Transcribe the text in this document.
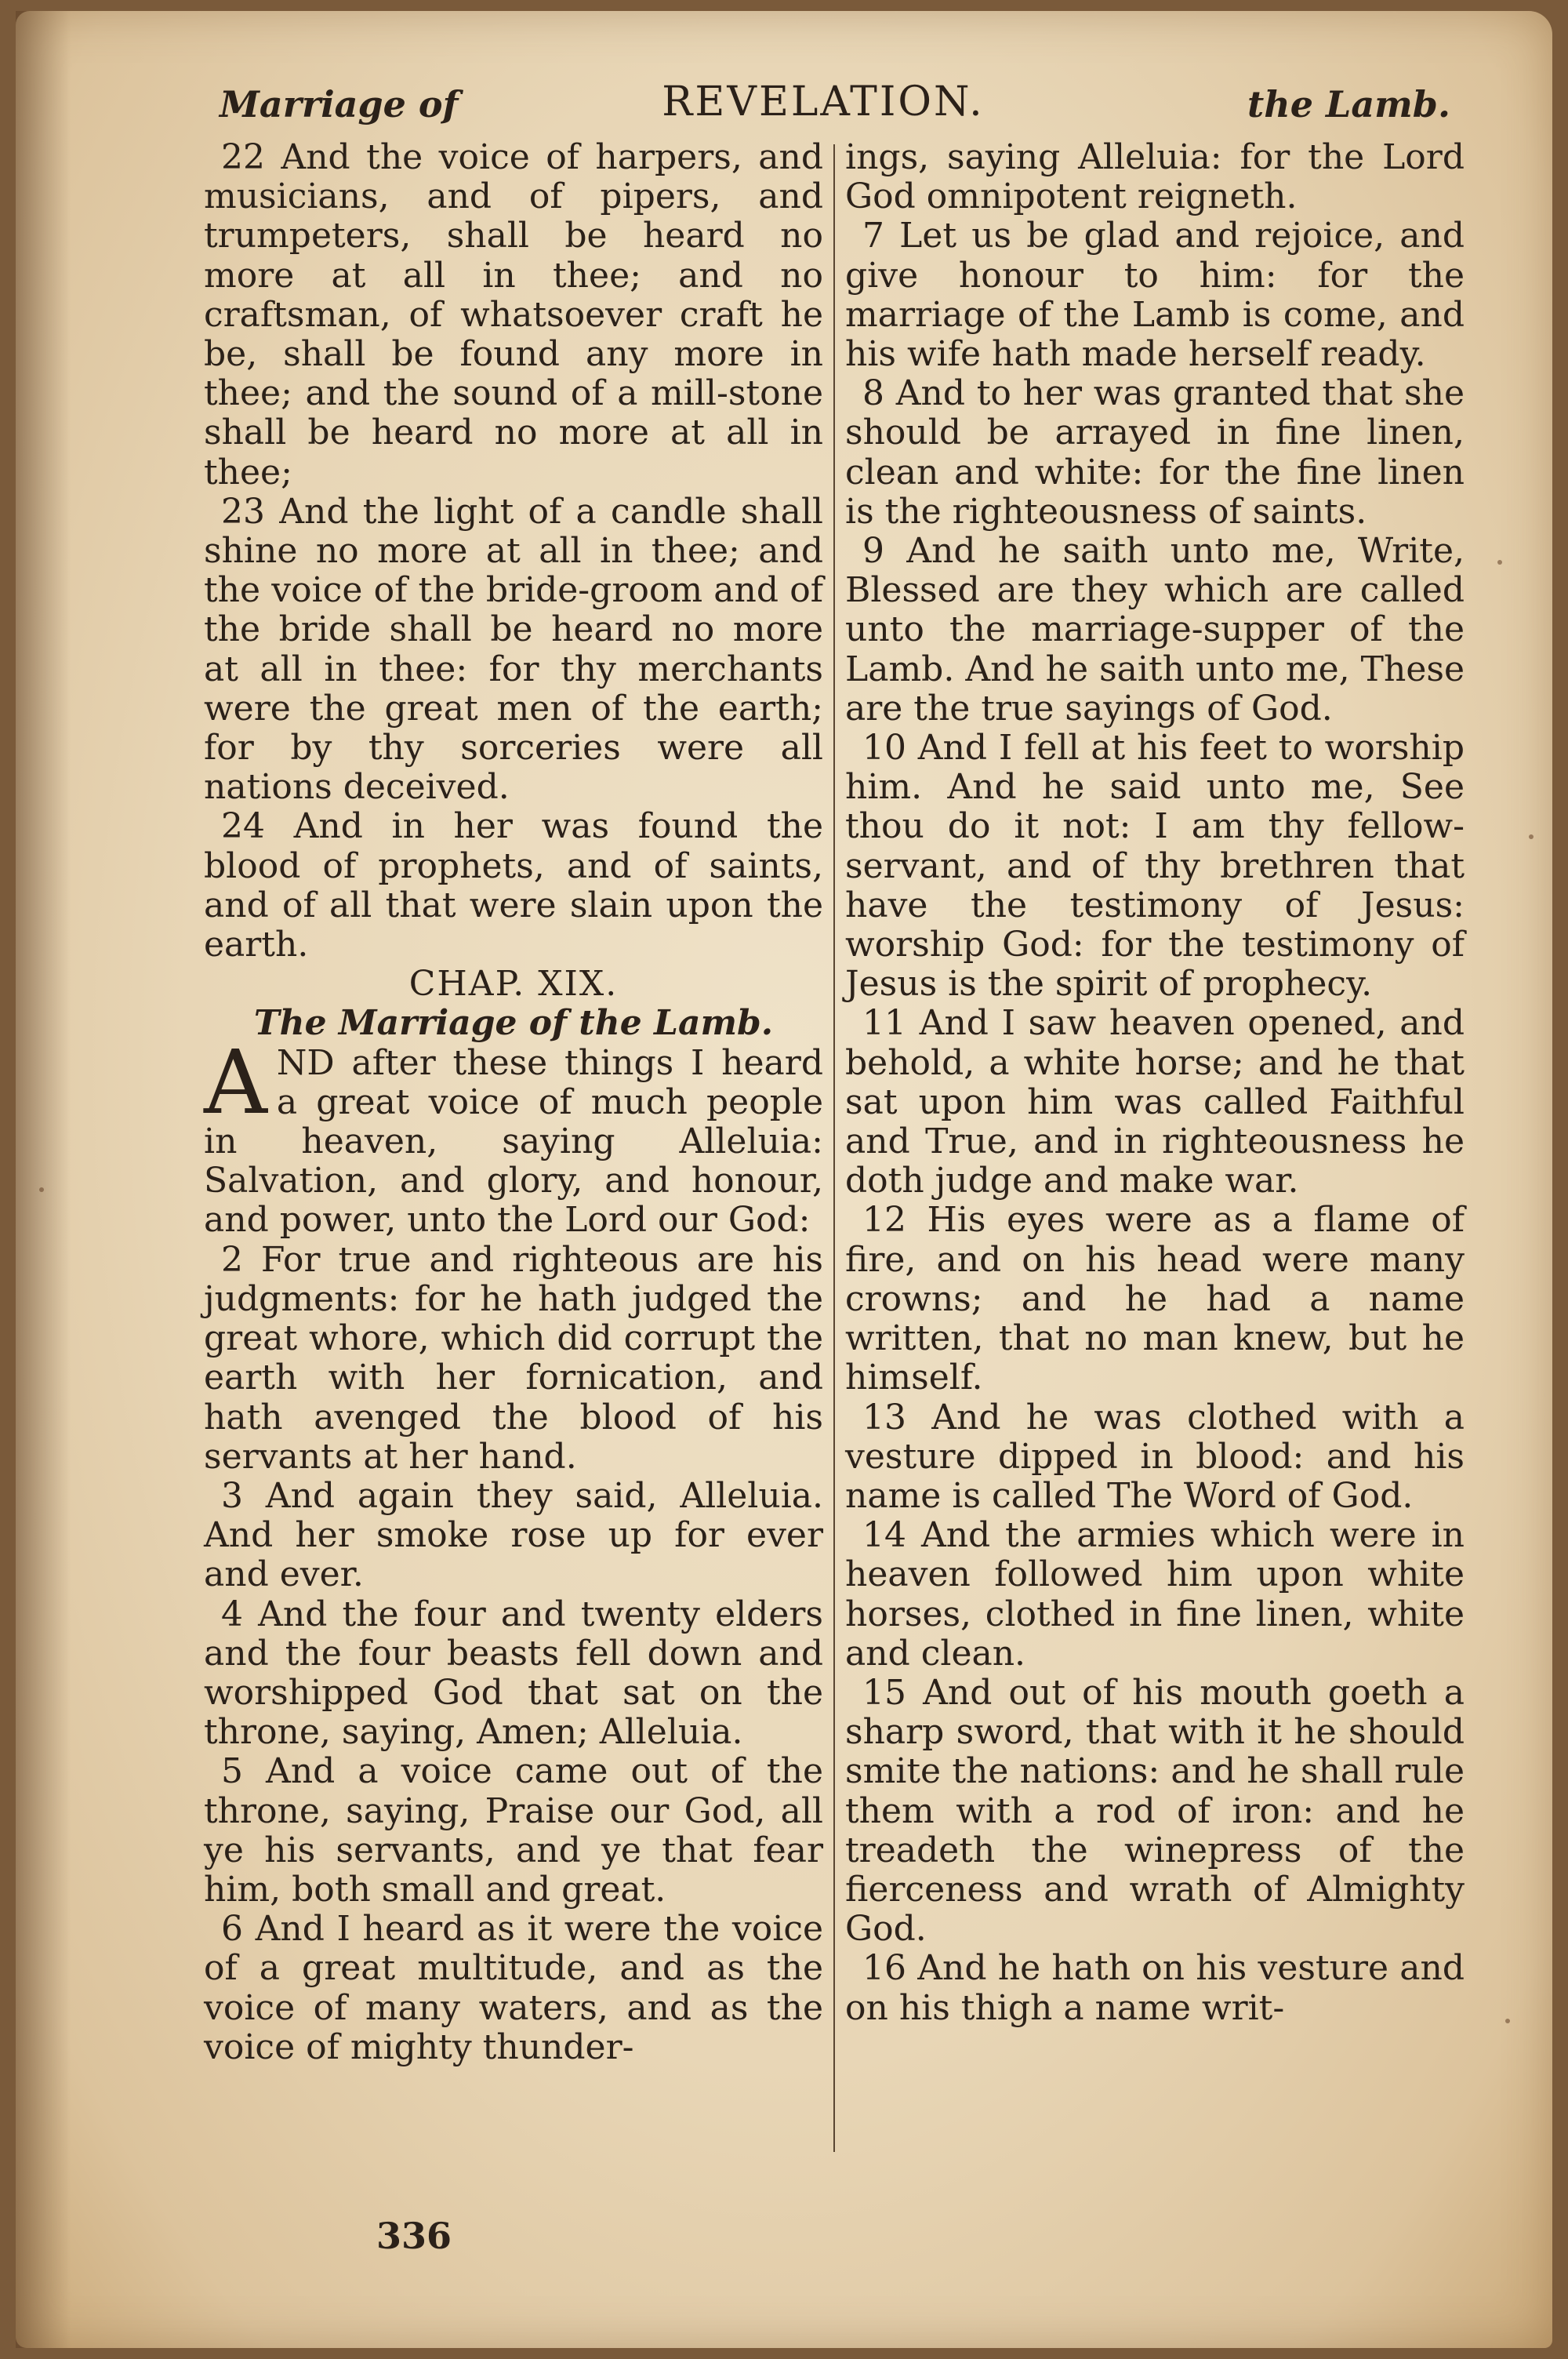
Marriage of	REVELATION.	the Lamb.

22 And the voice of harpers, and musicians, and of pipers, and trumpeters, shall be heard no more at all in thee; and no craftsman, of whatsoever craft he be, shall be found any more in thee; and the sound of a mill-stone shall be heard no more at all in thee;

23 And the light of a candle shall shine no more at all in thee; and the voice of the bride-groom and of the bride shall be heard no more at all in thee: for thy merchants were the great men of the earth; for by thy sorceries were all nations deceived.

24 And in her was found the blood of prophets, and of saints, and of all that were slain upon the earth.

CHAP. XIX.

The Marriage of the Lamb.

AND after these things I heard a great voice of much people in heaven, saying Alleluia: Salvation, and glory, and honour, and power, unto the Lord our God:

2 For true and righteous are his judgments: for he hath judged the great whore, which did corrupt the earth with her fornication, and hath avenged the blood of his servants at her hand.

3 And again they said, Alleluia. And her smoke rose up for ever and ever.

4 And the four and twenty elders and the four beasts fell down and worshipped God that sat on the throne, saying, Amen; Alleluia.

5 And a voice came out of the throne, saying, Praise our God, all ye his servants, and ye that fear him, both small and great.

6 And I heard as it were the voice of a great multitude, and as the voice of many waters, and as the voice of mighty thunder-

ings, saying Alleluia: for the Lord God omnipotent reigneth.

7 Let us be glad and rejoice, and give honour to him: for the marriage of the Lamb is come, and his wife hath made herself ready.

8 And to her was granted that she should be arrayed in fine linen, clean and white: for the fine linen is the righteousness of saints.

9 And he saith unto me, Write, Blessed are they which are called unto the marriage-supper of the Lamb. And he saith unto me, These are the true sayings of God.

10 And I fell at his feet to worship him. And he said unto me, See thou do it not: I am thy fellow-servant, and of thy brethren that have the testimony of Jesus: worship God: for the testimony of Jesus is the spirit of prophecy.

11 And I saw heaven opened, and behold, a white horse; and he that sat upon him was called Faithful and True, and in righteousness he doth judge and make war.

12 His eyes were as a flame of fire, and on his head were many crowns; and he had a name written, that no man knew, but he himself.

13 And he was clothed with a vesture dipped in blood: and his name is called The Word of God.

14 And the armies which were in heaven followed him upon white horses, clothed in fine linen, white and clean.

15 And out of his mouth goeth a sharp sword, that with it he should smite the nations: and he shall rule them with a rod of iron: and he treadeth the winepress of the fierceness and wrath of Almighty God.

16 And he hath on his vesture and on his thigh a name writ-

336
